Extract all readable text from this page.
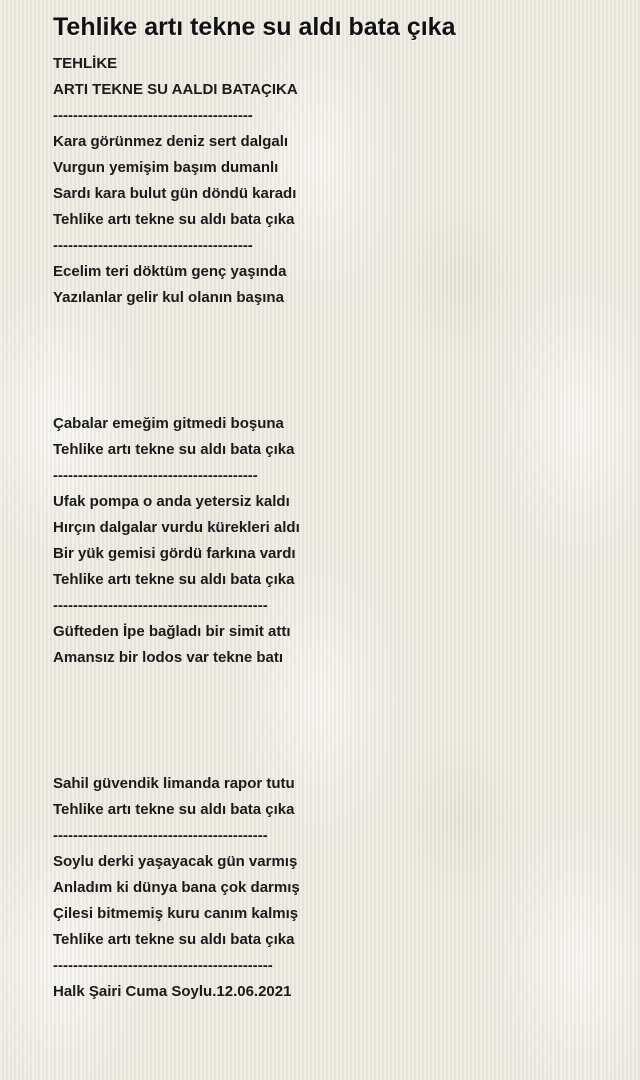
Tehlike artı tekne su aldı bata çıka
TEHLİKE
ARTI TEKNE SU AALDI BATAÇIKA
----------------------------------------
Kara görünmez deniz sert dalgalı
Vurgun yemişim başım dumanlı
Sardı kara bulut gün döndü karadı
Tehlike artı tekne su aldı bata çıka
----------------------------------------
Ecelim teri döktüm genç yaşında
Yazılanlar gelir kul olanın başına
Çabalar emeğim gitmedi boşuna
Tehlike artı tekne su aldı bata çıka
-----------------------------------------
Ufak pompa o anda yetersiz kaldı
Hırçın dalgalar vurdu kürekleri aldı
Bir yük gemisi gördü farkına vardı
Tehlike artı tekne su aldı bata çıka
-------------------------------------------
Güfteden İpe bağladı bir simit attı
Amansız bir lodos var tekne batı
Sahil güvendik limanda rapor tutu
Tehlike artı tekne su aldı bata çıka
-------------------------------------------
Soylu derki yaşayacak gün varmış
Anladım ki dünya bana çok darmış
Çilesi bitmemiş kuru canım kalmış
Tehlike artı tekne su aldı bata çıka
--------------------------------------------
Halk Şairi Cuma Soylu.12.06.2021
